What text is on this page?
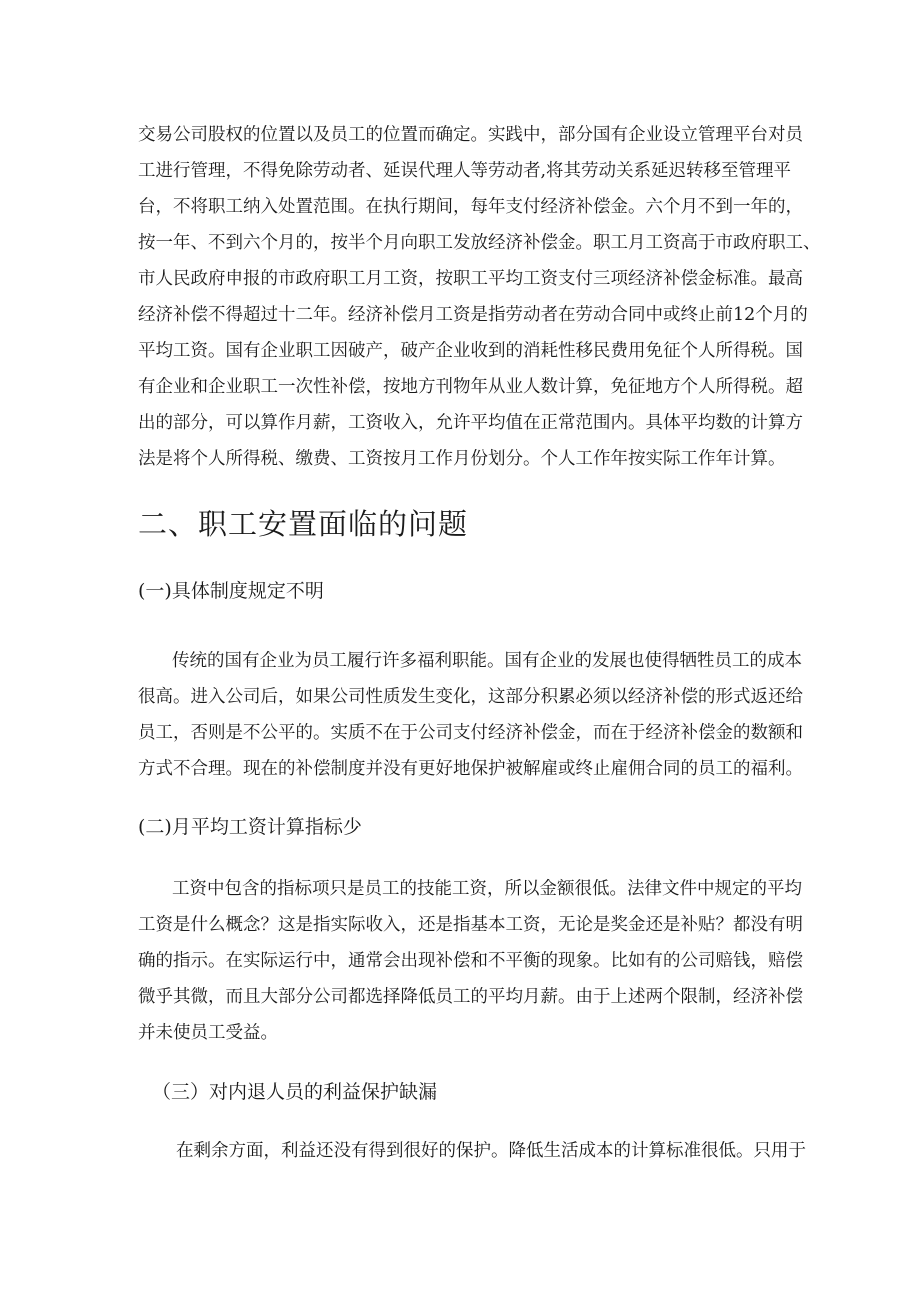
交易公司股权的位置以及员工的位置而确定。实践中，部分国有企业设立管理平台对员
工进行管理，不得免除劳动者、延误代理人等劳动者,将其劳动关系延迟转移至管理平
台，不将职工纳入处置范围。在执行期间，每年支付经济补偿金。六个月不到一年的，
按一年、不到六个月的，按半个月向职工发放经济补偿金。职工月工资高于市政府职工、
市人民政府申报的市政府职工月工资，按职工平均工资支付三项经济补偿金标准。最高
经济补偿不得超过十二年。经济补偿月工资是指劳动者在劳动合同中或终止前12个月的
平均工资。国有企业职工因破产，破产企业收到的消耗性移民费用免征个人所得税。国
有企业和企业职工一次性补偿，按地方刊物年从业人数计算，免征地方个人所得税。超
出的部分，可以算作月薪，工资收入，允许平均值在正常范围内。具体平均数的计算方
法是将个人所得税、缴费、工资按月工作月份划分。个人工作年按实际工作年计算。
二、职工安置面临的问题
(一)具体制度规定不明
传统的国有企业为员工履行许多福利职能。国有企业的发展也使得牺牲员工的成本
很高。进入公司后，如果公司性质发生变化，这部分积累必须以经济补偿的形式返还给
员工，否则是不公平的。实质不在于公司支付经济补偿金，而在于经济补偿金的数额和
方式不合理。现在的补偿制度并没有更好地保护被解雇或终止雇佣合同的员工的福利。
(二)月平均工资计算指标少
工资中包含的指标项只是员工的技能工资，所以金额很低。法律文件中规定的平均
工资是什么概念？这是指实际收入，还是指基本工资，无论是奖金还是补贴？都没有明
确的指示。在实际运行中，通常会出现补偿和不平衡的现象。比如有的公司赔钱，赔偿
微乎其微，而且大部分公司都选择降低员工的平均月薪。由于上述两个限制，经济补偿
并未使员工受益。
（三）对内退人员的利益保护缺漏
在剩余方面，利益还没有得到很好的保护。降低生活成本的计算标准很低。只用于
